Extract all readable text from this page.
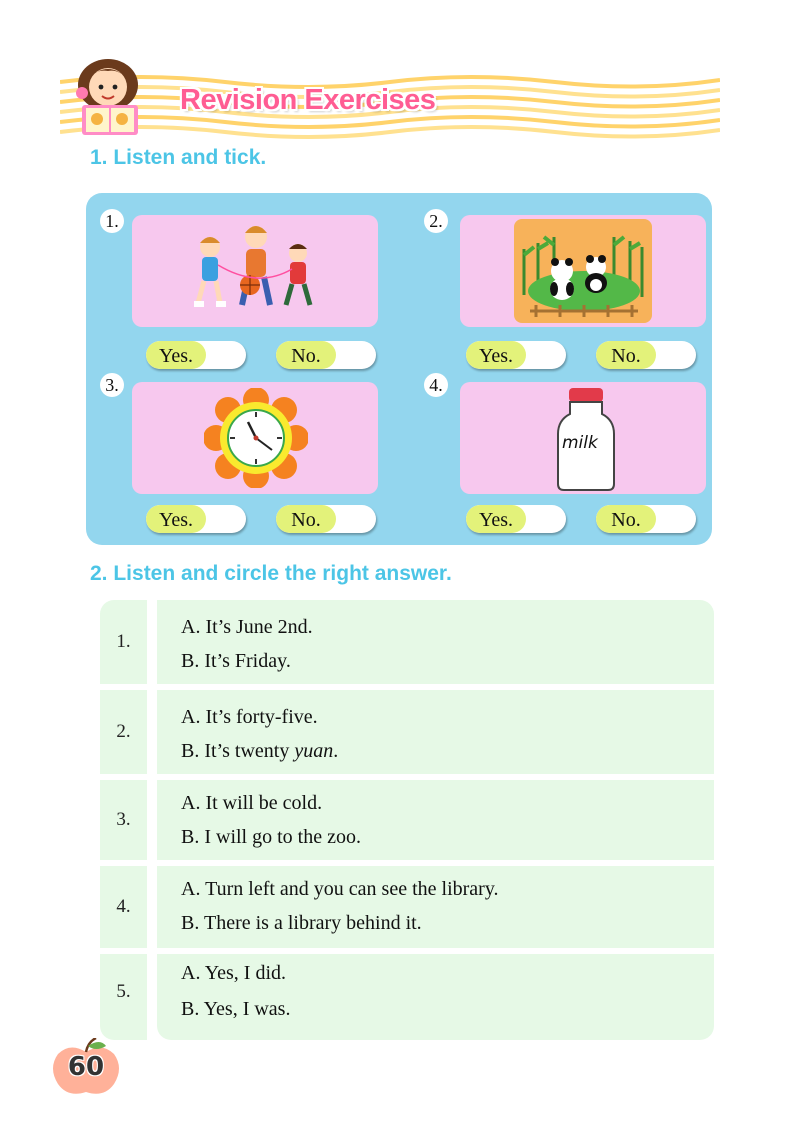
Revision Exercises
1. Listen and tick.
1.
Yes.	No.
2.
Yes.	No.
3.
Yes.	No.
milk
4.
Yes.	No.
2. Listen and circle the right answer.
1.
A. It’s June 2nd.
B. It’s Friday.
2.
A. It’s forty-five.
B. It’s twenty yuan.
3.
A. It will be cold.
B. I will go to the zoo.
4.
A. Turn left and you can see the library.
B. There is a library behind it.
5.
A. Yes, I did.
B. Yes, I was.
60
